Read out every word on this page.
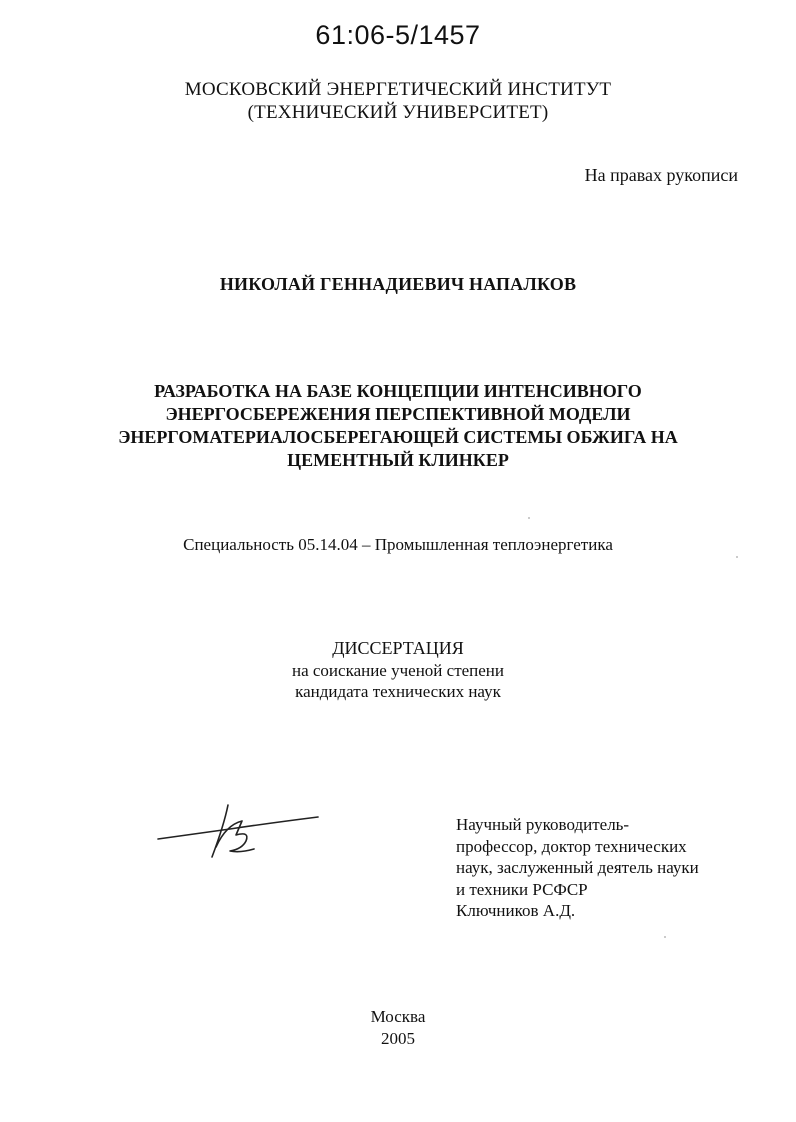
61:06-5/1457
МОСКОВСКИЙ ЭНЕРГЕТИЧЕСКИЙ ИНСТИТУТ
(ТЕХНИЧЕСКИЙ УНИВЕРСИТЕТ)
На правах рукописи
НИКОЛАЙ ГЕННАДИЕВИЧ НАПАЛКОВ
РАЗРАБОТКА НА БАЗЕ КОНЦЕПЦИИ ИНТЕНСИВНОГО
ЭНЕРГОСБЕРЕЖЕНИЯ ПЕРСПЕКТИВНОЙ МОДЕЛИ
ЭНЕРГОМАТЕРИАЛОСБЕРЕГАЮЩЕЙ СИСТЕМЫ ОБЖИГА НА
ЦЕМЕНТНЫЙ КЛИНКЕР
Специальность 05.14.04 – Промышленная теплоэнергетика
ДИССЕРТАЦИЯ
на соискание ученой степени
кандидата технических наук
Научный руководитель-
профессор, доктор технических
наук, заслуженный деятель науки
и техники РСФСР
Ключников А.Д.
Москва
2005
